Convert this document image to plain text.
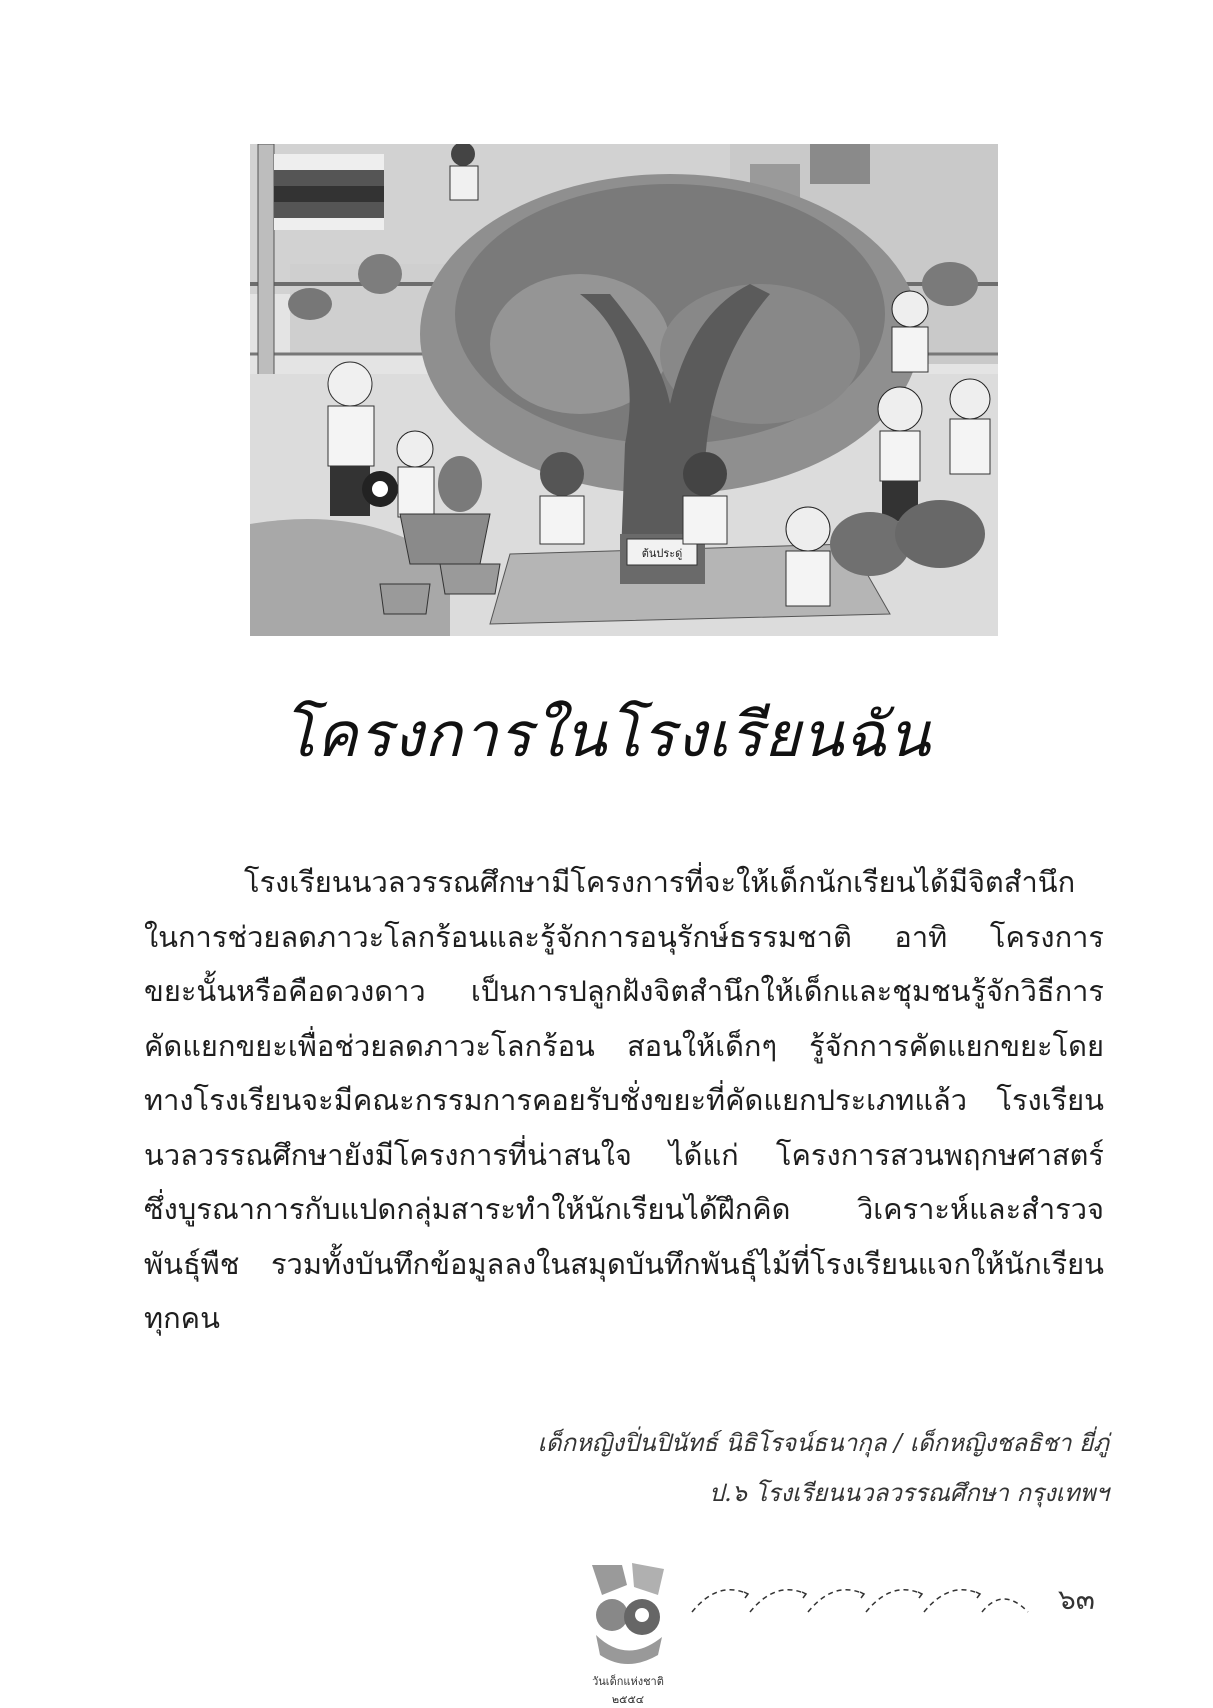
ต้นประดู่
โครงการในโรงเรียนฉัน
โรงเรียนนวลวรรณศึกษามีโครงการที่จะให้เด็กนักเรียนได้มีจิตสำนึก
ในการช่วยลดภาวะโลกร้อนและรู้จักการอนุรักษ์ธรรมชาติ อาทิ โครงการ
ขยะนั้นหรือคือดวงดาว เป็นการปลูกฝังจิตสำนึกให้เด็กและชุมชนรู้จักวิธีการ
คัดแยกขยะเพื่อช่วยลดภาวะโลกร้อน สอนให้เด็กๆ รู้จักการคัดแยกขยะโดย
ทางโรงเรียนจะมีคณะกรรมการคอยรับชั่งขยะที่คัดแยกประเภทแล้ว โรงเรียน
นวลวรรณศึกษายังมีโครงการที่น่าสนใจ ได้แก่ โครงการสวนพฤกษศาสตร์
ซึ่งบูรณาการกับแปดกลุ่มสาระทำให้นักเรียนได้ฝึกคิด วิเคราะห์และสำรวจ
พันธุ์พืช รวมทั้งบันทึกข้อมูลลงในสมุดบันทึกพันธุ์ไม้ที่โรงเรียนแจกให้นักเรียน
ทุกคน
เด็กหญิงปิ่นปินัทธ์ นิธิโรจน์ธนากุล / เด็กหญิงชลธิชา ยี่ภู่
ป.๖ โรงเรียนนวลวรรณศึกษา กรุงเทพฯ
วันเด็กแห่งชาติ ๒๕๕๔
๖๓
